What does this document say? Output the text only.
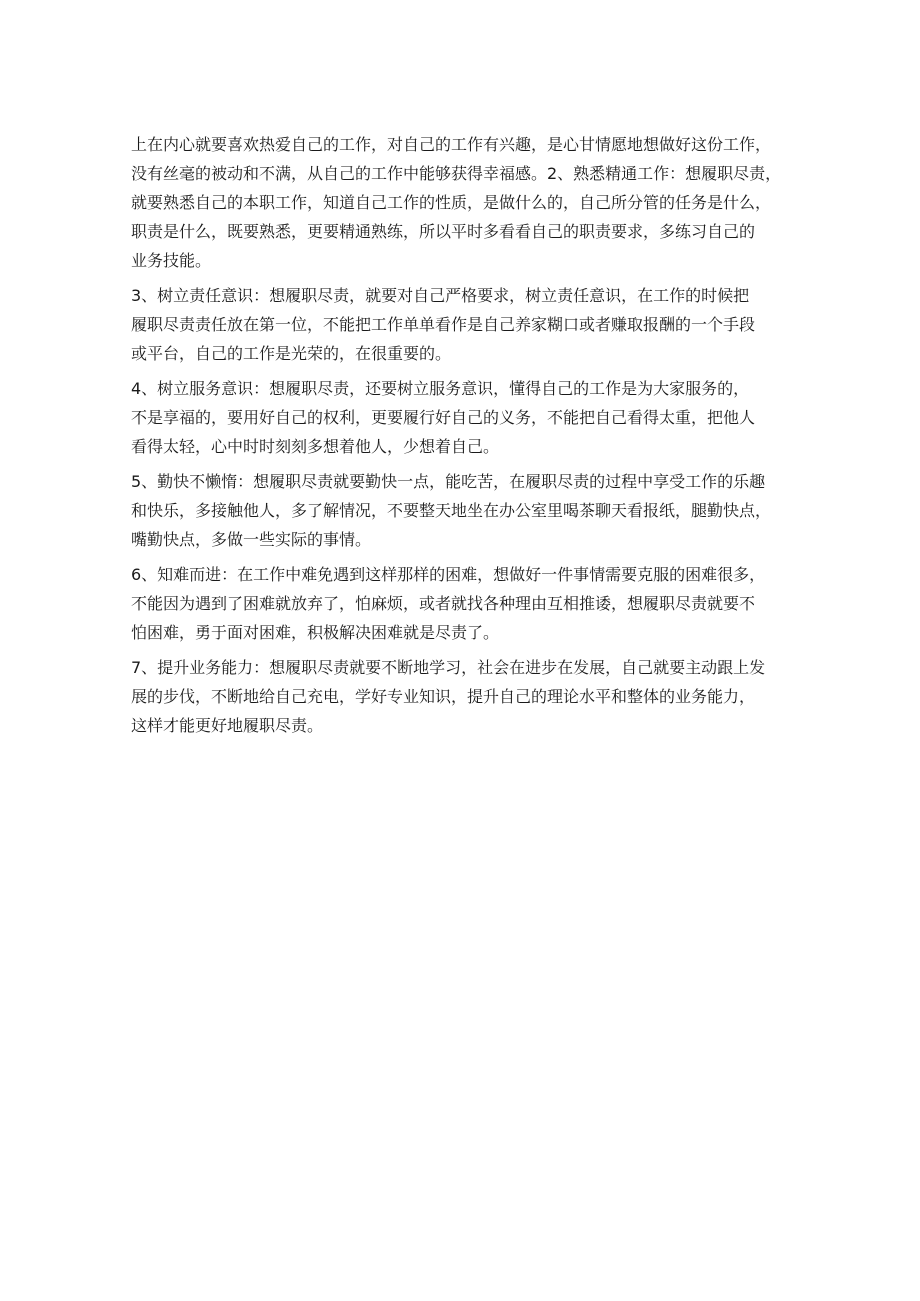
上在内心就要喜欢热爱自己的工作，对自己的工作有兴趣，是心甘情愿地想做好这份工作，
没有丝毫的被动和不满，从自己的工作中能够获得幸福感。2、熟悉精通工作：想履职尽责，
就要熟悉自己的本职工作，知道自己工作的性质，是做什么的，自己所分管的任务是什么，
职责是什么，既要熟悉，更要精通熟练，所以平时多看看自己的职责要求，多练习自己的
业务技能。

3、树立责任意识：想履职尽责，就要对自己严格要求，树立责任意识，在工作的时候把
履职尽责责任放在第一位，不能把工作单单看作是自己养家糊口或者赚取报酬的一个手段
或平台，自己的工作是光荣的，在很重要的。

4、树立服务意识：想履职尽责，还要树立服务意识，懂得自己的工作是为大家服务的，
不是享福的，要用好自己的权利，更要履行好自己的义务，不能把自己看得太重，把他人
看得太轻，心中时时刻刻多想着他人，少想着自己。

5、勤快不懒惰：想履职尽责就要勤快一点，能吃苦，在履职尽责的过程中享受工作的乐趣
和快乐，多接触他人，多了解情况，不要整天地坐在办公室里喝茶聊天看报纸，腿勤快点，
嘴勤快点，多做一些实际的事情。

6、知难而进：在工作中难免遇到这样那样的困难，想做好一件事情需要克服的困难很多，
不能因为遇到了困难就放弃了，怕麻烦，或者就找各种理由互相推诿，想履职尽责就要不
怕困难，勇于面对困难，积极解决困难就是尽责了。

7、提升业务能力：想履职尽责就要不断地学习，社会在进步在发展，自己就要主动跟上发
展的步伐，不断地给自己充电，学好专业知识，提升自己的理论水平和整体的业务能力，
这样才能更好地履职尽责。
